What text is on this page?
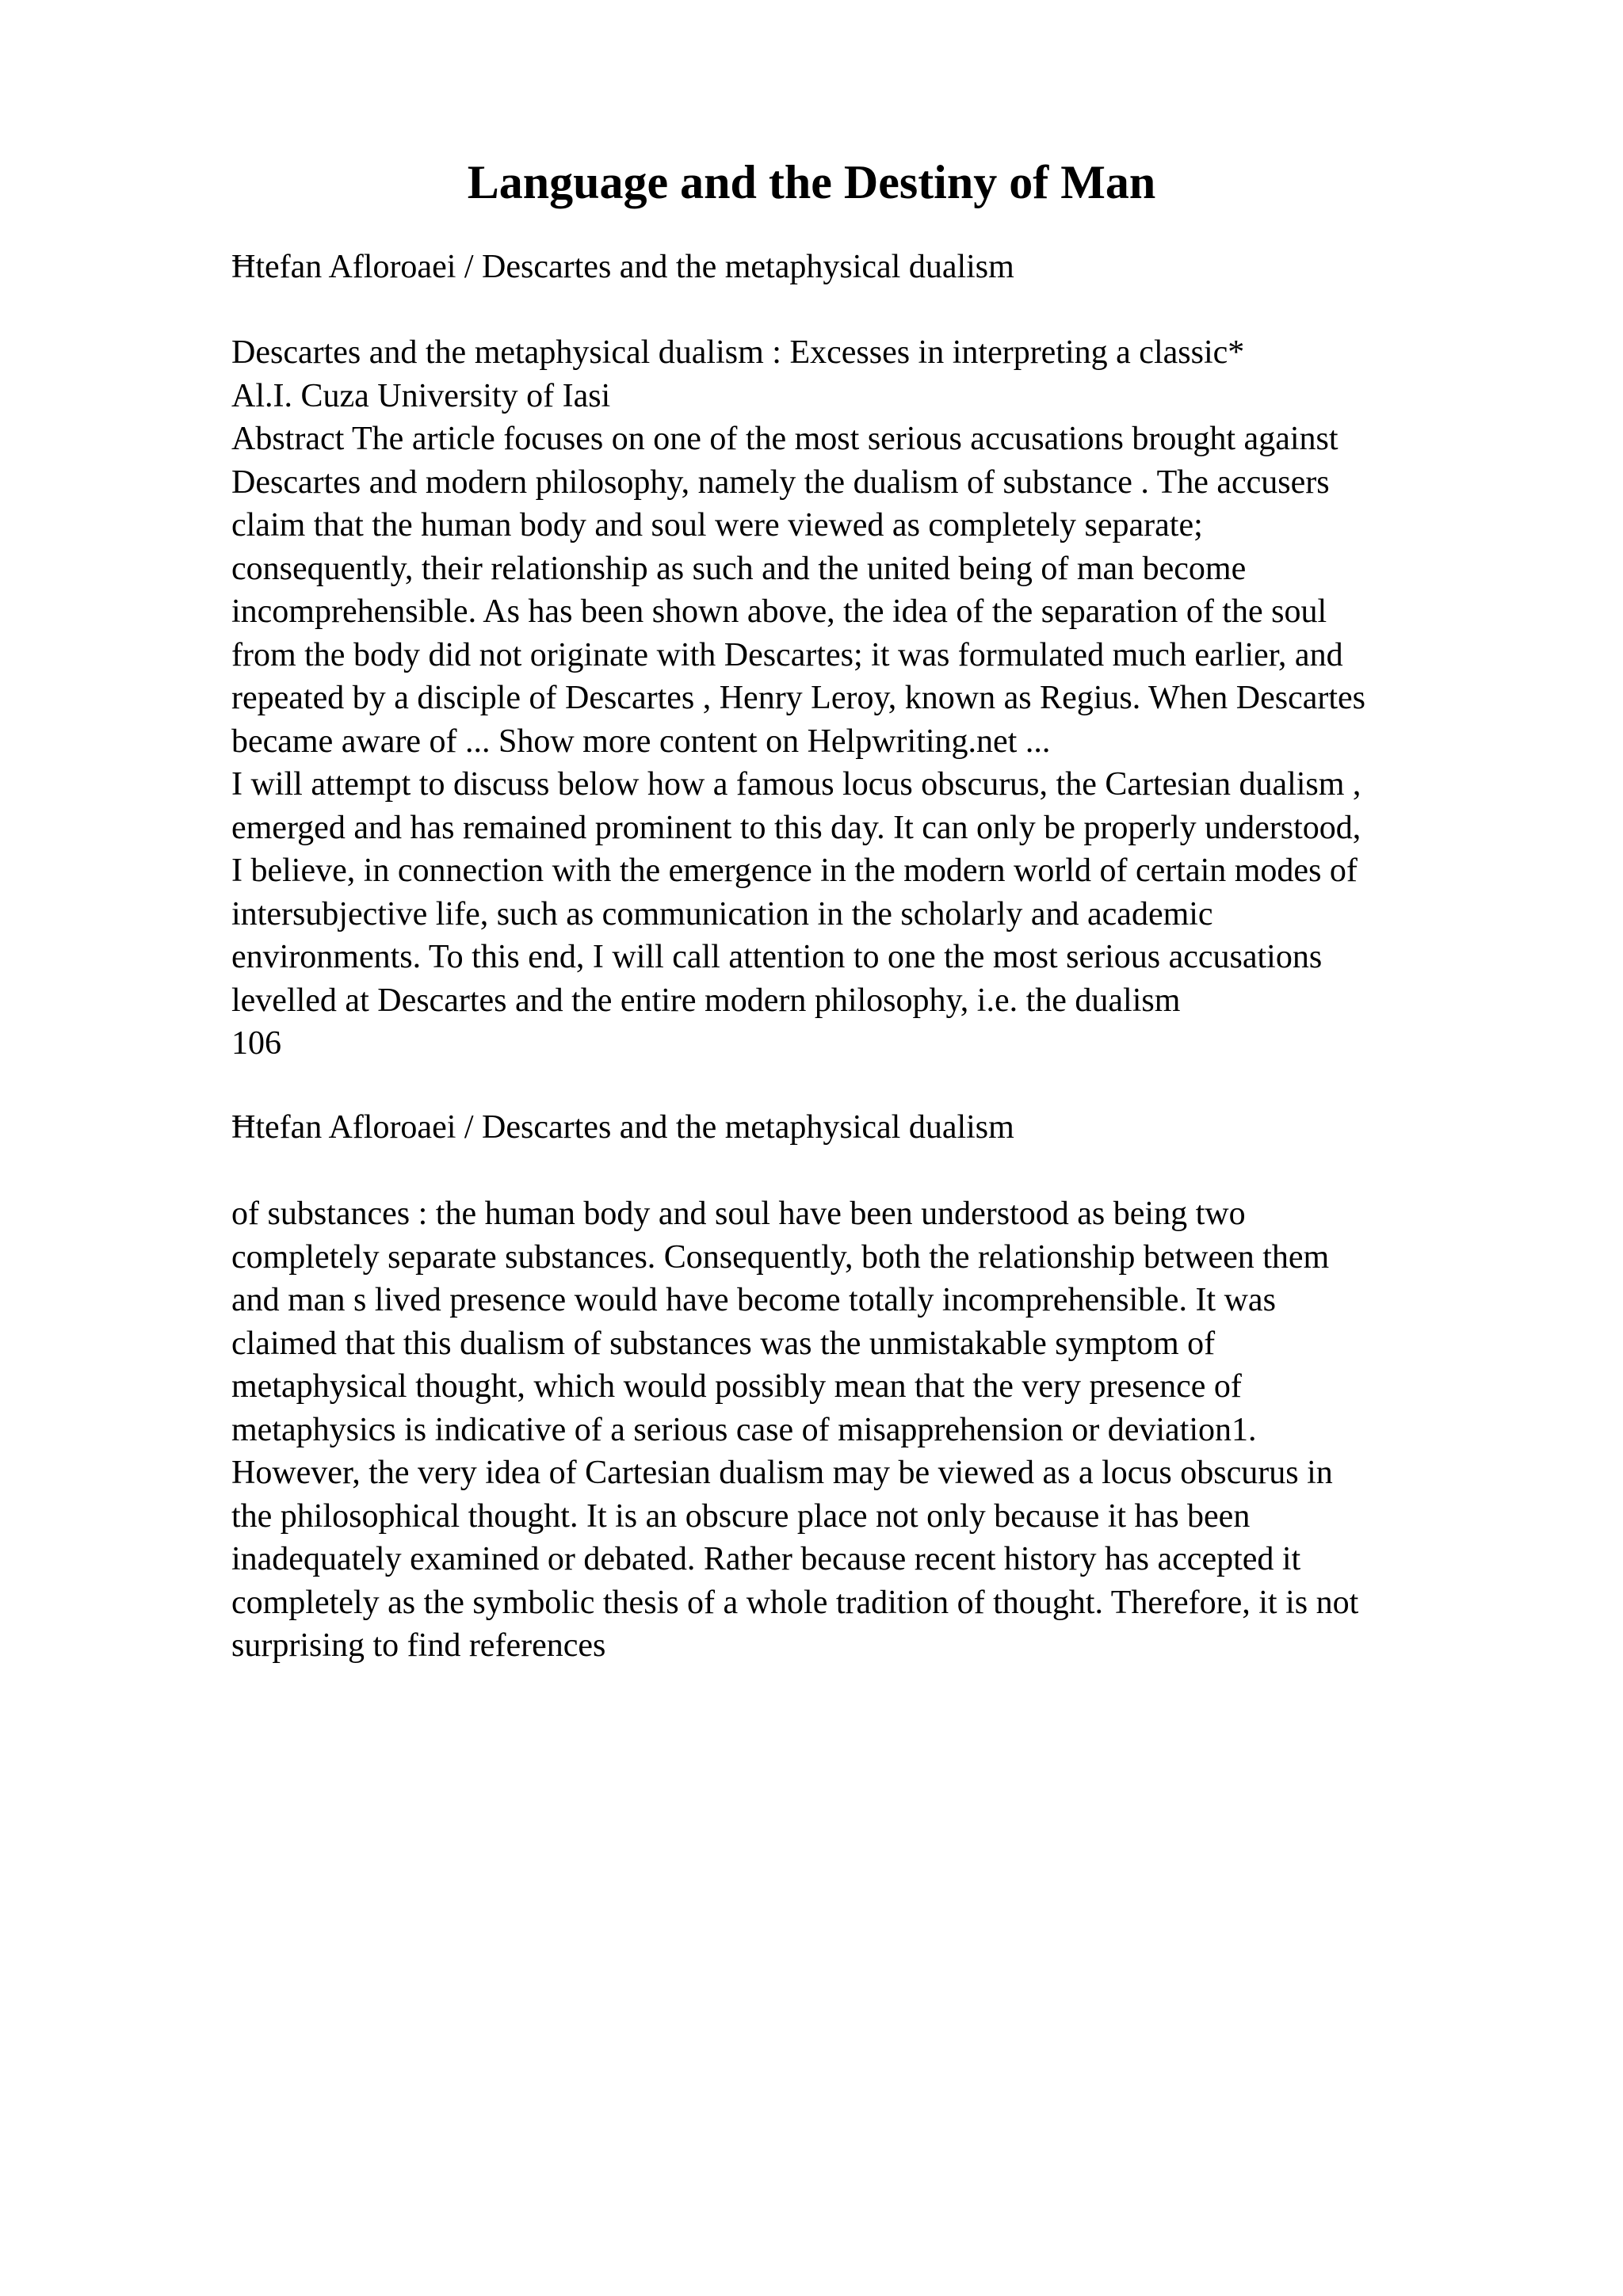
Language and the Destiny of Man

Ħtefan Afloroaei / Descartes and the metaphysical dualism

Descartes and the metaphysical dualism : Excesses in interpreting a classic*
Al.I. Cuza University of Iasi
Abstract The article focuses on one of the most serious accusations brought against
Descartes and modern philosophy, namely the dualism of substance . The accusers
claim that the human body and soul were viewed as completely separate;
consequently, their relationship as such and the united being of man become
incomprehensible. As has been shown above, the idea of the separation of the soul
from the body did not originate with Descartes; it was formulated much earlier, and
repeated by a disciple of Descartes , Henry Leroy, known as Regius. When Descartes
became aware of ... Show more content on Helpwriting.net ...
I will attempt to discuss below how a famous locus obscurus, the Cartesian dualism ,
emerged and has remained prominent to this day. It can only be properly understood,
I believe, in connection with the emergence in the modern world of certain modes of
intersubjective life, such as communication in the scholarly and academic
environments. To this end, I will call attention to one the most serious accusations
levelled at Descartes and the entire modern philosophy, i.e. the dualism
106

Ħtefan Afloroaei / Descartes and the metaphysical dualism

of substances : the human body and soul have been understood as being two
completely separate substances. Consequently, both the relationship between them
and man s lived presence would have become totally incomprehensible. It was
claimed that this dualism of substances was the unmistakable symptom of
metaphysical thought, which would possibly mean that the very presence of
metaphysics is indicative of a serious case of misapprehension or deviation1.
However, the very idea of Cartesian dualism may be viewed as a locus obscurus in
the philosophical thought. It is an obscure place not only because it has been
inadequately examined or debated. Rather because recent history has accepted it
completely as the symbolic thesis of a whole tradition of thought. Therefore, it is not
surprising to find references
